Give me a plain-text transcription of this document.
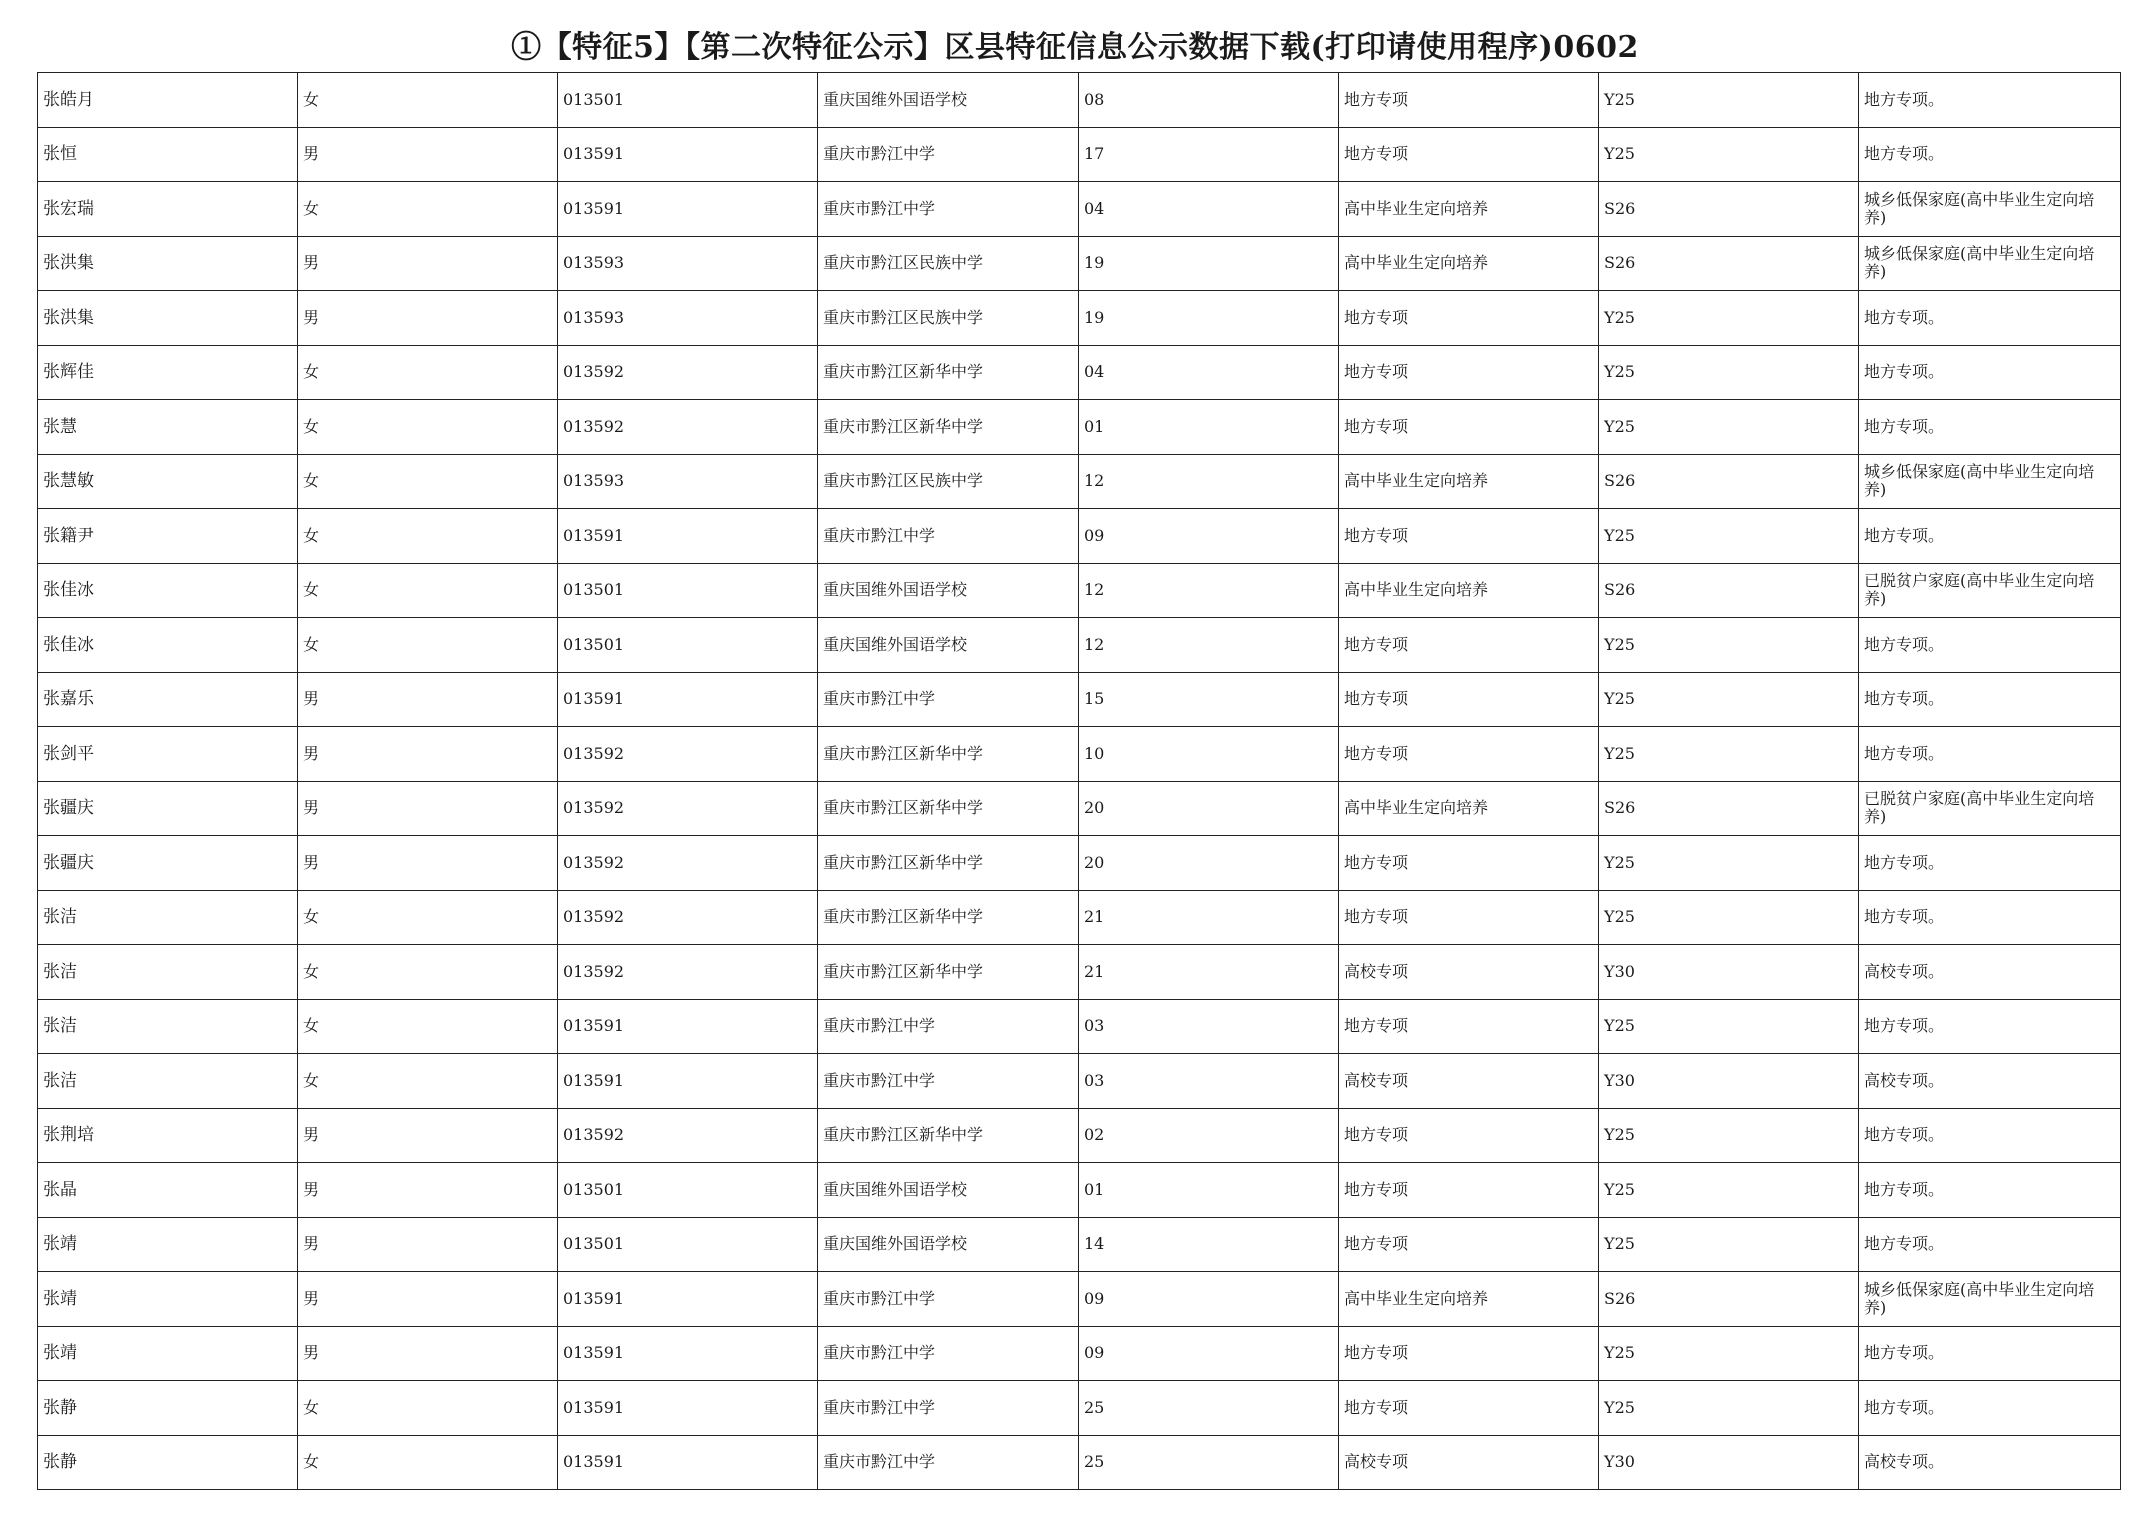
①【特征5】【第二次特征公示】区县特征信息公示数据下载(打印请使用程序)0602
张皓月	女	013501	重庆国维外国语学校	08	地方专项	Y25	地方专项。
张恒	男	013591	重庆市黔江中学	17	地方专项	Y25	地方专项。
张宏瑞	女	013591	重庆市黔江中学	04	高中毕业生定向培养	S26	城乡低保家庭(高中毕业生定向培养)
张洪集	男	013593	重庆市黔江区民族中学	19	高中毕业生定向培养	S26	城乡低保家庭(高中毕业生定向培养)
张洪集	男	013593	重庆市黔江区民族中学	19	地方专项	Y25	地方专项。
张辉佳	女	013592	重庆市黔江区新华中学	04	地方专项	Y25	地方专项。
张慧	女	013592	重庆市黔江区新华中学	01	地方专项	Y25	地方专项。
张慧敏	女	013593	重庆市黔江区民族中学	12	高中毕业生定向培养	S26	城乡低保家庭(高中毕业生定向培养)
张籍尹	女	013591	重庆市黔江中学	09	地方专项	Y25	地方专项。
张佳冰	女	013501	重庆国维外国语学校	12	高中毕业生定向培养	S26	已脱贫户家庭(高中毕业生定向培养)
张佳冰	女	013501	重庆国维外国语学校	12	地方专项	Y25	地方专项。
张嘉乐	男	013591	重庆市黔江中学	15	地方专项	Y25	地方专项。
张剑平	男	013592	重庆市黔江区新华中学	10	地方专项	Y25	地方专项。
张疆庆	男	013592	重庆市黔江区新华中学	20	高中毕业生定向培养	S26	已脱贫户家庭(高中毕业生定向培养)
张疆庆	男	013592	重庆市黔江区新华中学	20	地方专项	Y25	地方专项。
张洁	女	013592	重庆市黔江区新华中学	21	地方专项	Y25	地方专项。
张洁	女	013592	重庆市黔江区新华中学	21	高校专项	Y30	高校专项。
张洁	女	013591	重庆市黔江中学	03	地方专项	Y25	地方专项。
张洁	女	013591	重庆市黔江中学	03	高校专项	Y30	高校专项。
张荆培	男	013592	重庆市黔江区新华中学	02	地方专项	Y25	地方专项。
张晶	男	013501	重庆国维外国语学校	01	地方专项	Y25	地方专项。
张靖	男	013501	重庆国维外国语学校	14	地方专项	Y25	地方专项。
张靖	男	013591	重庆市黔江中学	09	高中毕业生定向培养	S26	城乡低保家庭(高中毕业生定向培养)
张靖	男	013591	重庆市黔江中学	09	地方专项	Y25	地方专项。
张静	女	013591	重庆市黔江中学	25	地方专项	Y25	地方专项。
张静	女	013591	重庆市黔江中学	25	高校专项	Y30	高校专项。
